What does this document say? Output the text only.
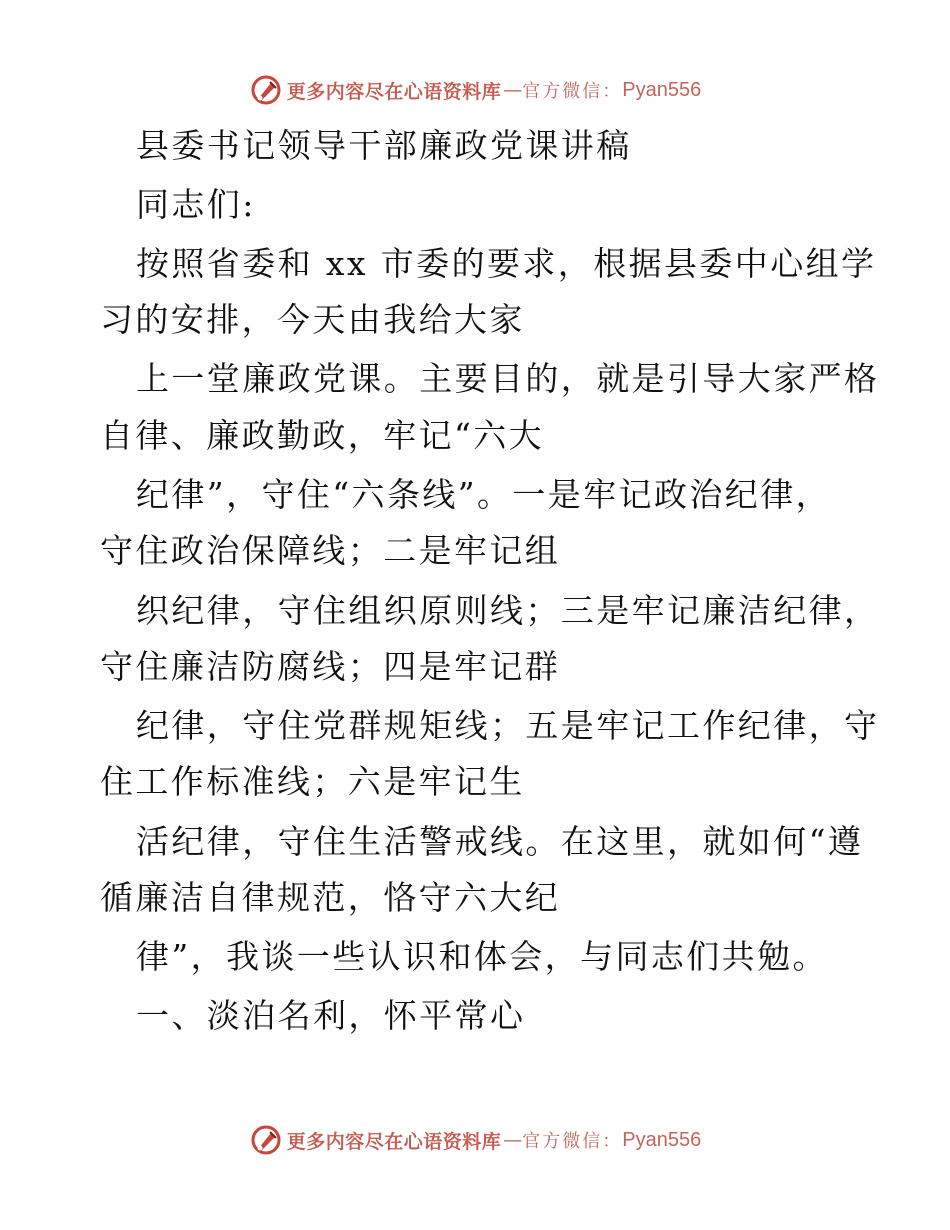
更多内容尽在心语资料库 — 官方微信： Pyan556
县委书记领导干部廉政党课讲稿
同志们:
按照省委和 xx 市委的要求，根据县委中心组学
习的安排，今天由我给大家
上一堂廉政党课。主要目的，就是引导大家严格
自律、廉政勤政，牢记“六大
纪律”，守住“六条线”。一是牢记政治纪律，
守住政治保障线；二是牢记组
织纪律，守住组织原则线；三是牢记廉洁纪律，
守住廉洁防腐线；四是牢记群
纪律，守住党群规矩线；五是牢记工作纪律，守
住工作标准线；六是牢记生
活纪律，守住生活警戒线。在这里，就如何“遵
循廉洁自律规范，恪守六大纪
律”，我谈一些认识和体会，与同志们共勉。
一、淡泊名利，怀平常心
更多内容尽在心语资料库 — 官方微信： Pyan556
